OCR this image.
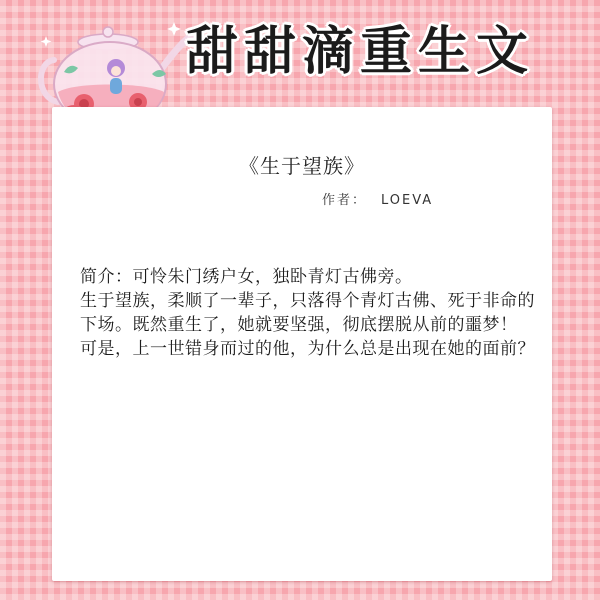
甜甜滴重生文
《生于望族》
作者： LOEVA

简介：可怜朱门绣户女，独卧青灯古佛旁。

生于望族，柔顺了一辈子，只落得个青灯古佛、死于非命的下场。既然重生了，她就要坚强，彻底摆脱从前的噩梦！

可是，上一世错身而过的他，为什么总是出现在她的面前？
